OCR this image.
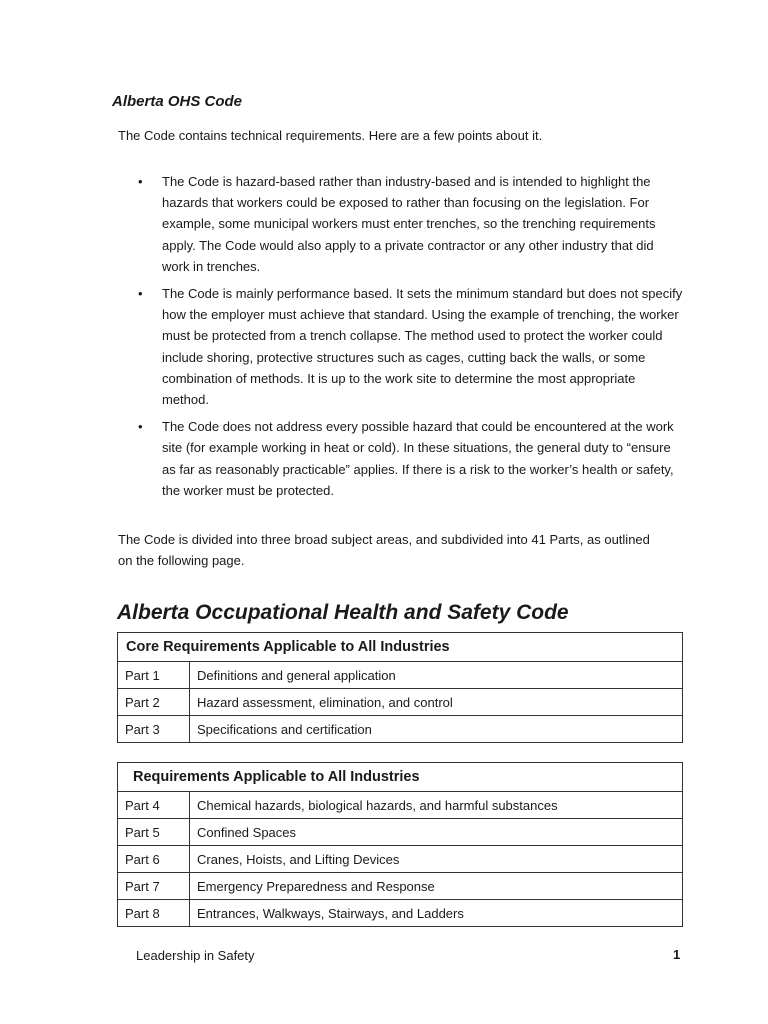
Alberta OHS Code

The Code contains technical requirements. Here are a few points about it.

• The Code is hazard-based rather than industry-based and is intended to highlight the hazards that workers could be exposed to rather than focusing on the legislation. For example, some municipal workers must enter trenches, so the trenching requirements apply. The Code would also apply to a private contractor or any other industry that did work in trenches.
• The Code is mainly performance based. It sets the minimum standard but does not specify how the employer must achieve that standard. Using the example of trenching, the worker must be protected from a trench collapse. The method used to protect the worker could include shoring, protective structures such as cages, cutting back the walls, or some combination of methods. It is up to the work site to determine the most appropriate method.
• The Code does not address every possible hazard that could be encountered at the work site (for example working in heat or cold). In these situations, the general duty to “ensure as far as reasonably practicable” applies. If there is a risk to the worker’s health or safety, the worker must be protected.

The Code is divided into three broad subject areas, and subdivided into 41 Parts, as outlined on the following page.

Alberta Occupational Health and Safety Code
Core Requirements Applicable to All Industries	
Part 1	Definitions and general application
Part 2	Hazard assessment, elimination, and control
Part 3	Specifications and certification
Requirements Applicable to All Industries	
Part 4	Chemical hazards, biological hazards, and harmful substances
Part 5	Confined Spaces
Part 6	Cranes, Hoists, and Lifting Devices
Part 7	Emergency Preparedness and Response
Part 8	Entrances, Walkways, Stairways, and Ladders
Leadership in Safety	1
